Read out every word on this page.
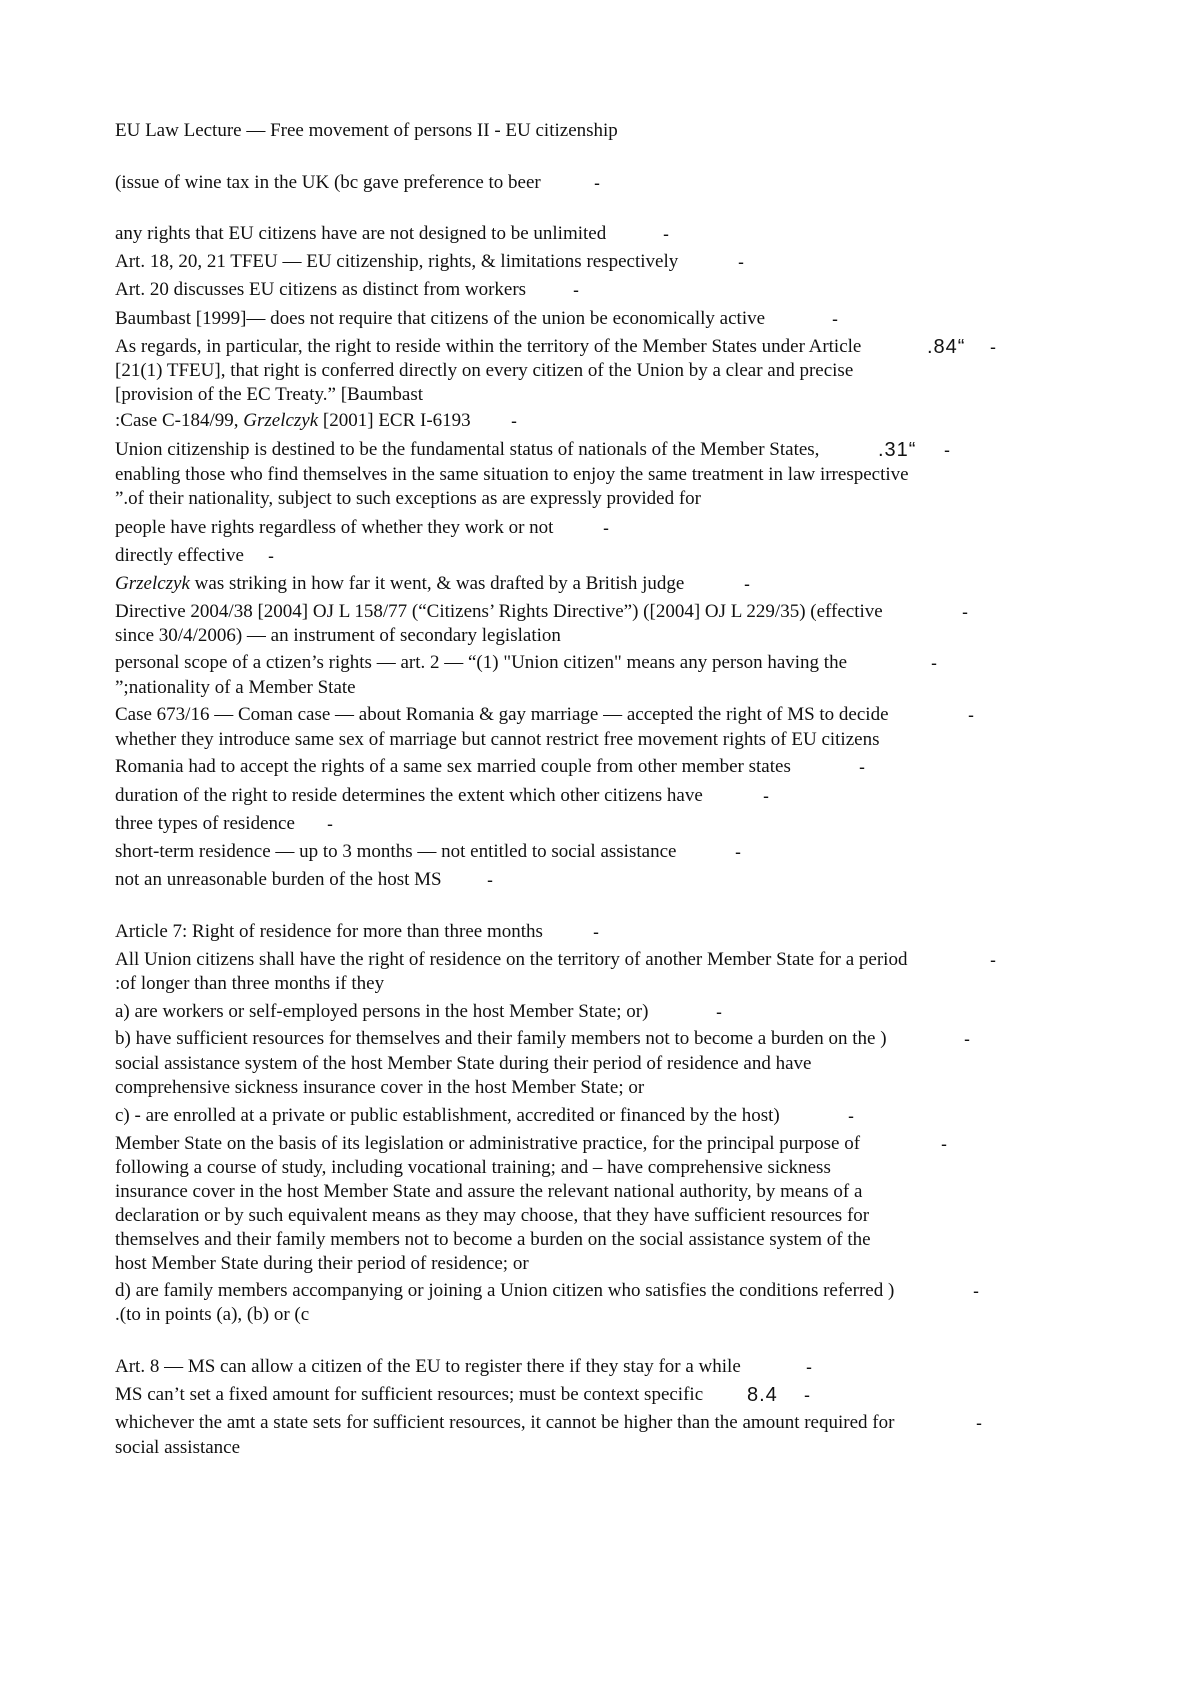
EU Law Lecture — Free movement of persons II - EU citizenship
(issue of wine tax in the UK (bc gave preference to beer	-
any rights that EU citizens have are not designed to be unlimited	-
Art. 18, 20, 21 TFEU — EU citizenship, rights, & limitations respectively	-
Art. 20 discusses EU citizens as distinct from workers	-
Baumbast [1999]— does not require that citizens of the union be economically active	-
As regards, in particular, the right to reside within the territory of the Member States under Article	.84“ -
[21(1) TFEU], that right is conferred directly on every citizen of the Union by a clear and precise
[provision of the EC Treaty.” [Baumbast
:Case C-184/99, Grzelczyk [2001] ECR I-6193	-
Union citizenship is destined to be the fundamental status of nationals of the Member States,	.31“ -
enabling those who find themselves in the same situation to enjoy the same treatment in law irrespective
”.of their nationality, subject to such exceptions as are expressly provided for
people have rights regardless of whether they work or not	-
directly effective	-
Grzelczyk was striking in how far it went, & was drafted by a British judge	-
Directive 2004/38 [2004] OJ L 158/77 (“Citizens’ Rights Directive”) ([2004] OJ L 229/35) (effective	-
since 30/4/2006) — an instrument of secondary legislation
personal scope of a ctizen’s rights — art. 2 — “(1) "Union citizen" means any person having the	-
”;nationality of a Member State
Case 673/16 — Coman case — about Romania & gay marriage — accepted the right of MS to decide	-
whether they introduce same sex of marriage but cannot restrict free movement rights of EU citizens
Romania had to accept the rights of a same sex married couple from other member states	-
duration of the right to reside determines the extent which other citizens have	-
three types of residence	-
short-term residence — up to 3 months — not entitled to social assistance	-
not an unreasonable burden of the host MS	-
Article 7: Right of residence for more than three months	-
All Union citizens shall have the right of residence on the territory of another Member State for a period	-
:of longer than three months if they
a) are workers or self-employed persons in the host Member State; or)	-
b) have sufficient resources for themselves and their family members not to become a burden on the )	-
social assistance system of the host Member State during their period of residence and have
comprehensive sickness insurance cover in the host Member State; or
c) - are enrolled at a private or public establishment, accredited or financed by the host)	-
Member State on the basis of its legislation or administrative practice, for the principal purpose of	-
following a course of study, including vocational training; and – have comprehensive sickness
insurance cover in the host Member State and assure the relevant national authority, by means of a
declaration or by such equivalent means as they may choose, that they have sufficient resources for
themselves and their family members not to become a burden on the social assistance system of the
host Member State during their period of residence; or
d) are family members accompanying or joining a Union citizen who satisfies the conditions referred )	-
.(to in points (a), (b) or (c
Art. 8 — MS can allow a citizen of the EU to register there if they stay for a while	-
MS can’t set a fixed amount for sufficient resources; must be context specific 8.4 -
whichever the amt a state sets for sufficient resources, it cannot be higher than the amount required for	-
social assistance
